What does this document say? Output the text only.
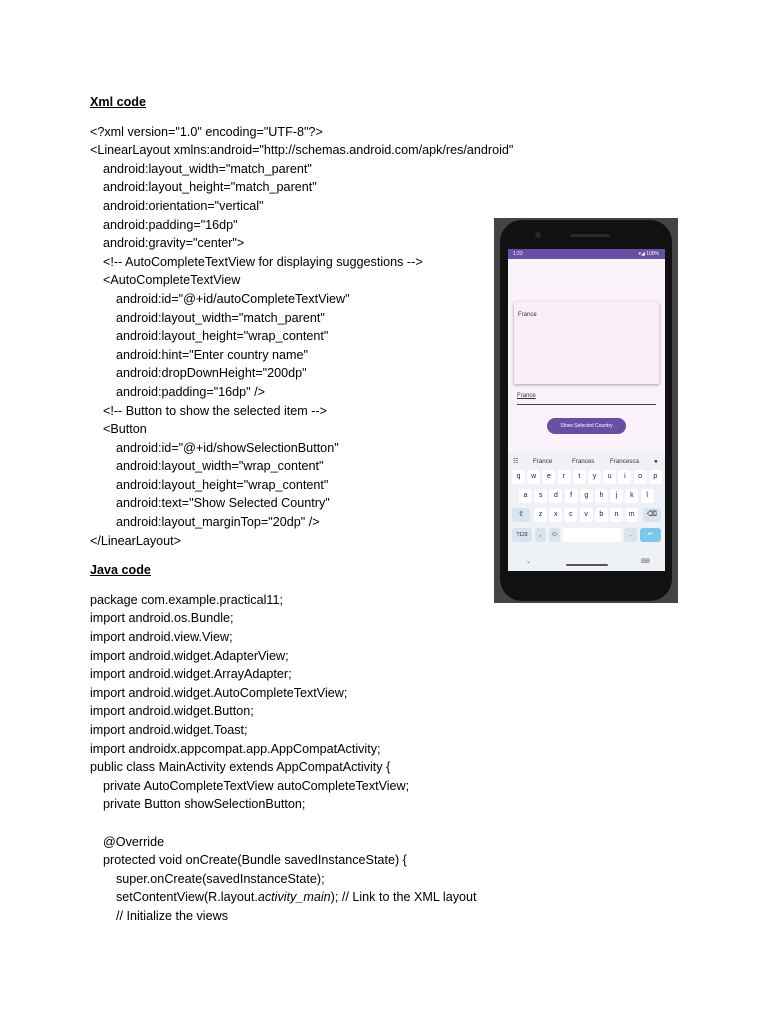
Xml code
<?xml version="1.0" encoding="UTF-8"?>
<LinearLayout xmlns:android="http://schemas.android.com/apk/res/android"
android:layout_width="match_parent"
android:layout_height="match_parent"
android:orientation="vertical"
android:padding="16dp"
android:gravity="center">
<!-- AutoCompleteTextView for displaying suggestions -->
<AutoCompleteTextView
android:id="@+id/autoCompleteTextView"
android:layout_width="match_parent"
android:layout_height="wrap_content"
android:hint="Enter country name"
android:dropDownHeight="200dp"
android:padding="16dp" />
<!-- Button to show the selected item -->
<Button
android:id="@+id/showSelectionButton"
android:layout_width="wrap_content"
android:layout_height="wrap_content"
android:text="Show Selected Country"
android:layout_marginTop="20dp" />
</LinearLayout>
Java code
package com.example.practical11;
import android.os.Bundle;
import android.view.View;
import android.widget.AdapterView;
import android.widget.ArrayAdapter;
import android.widget.AutoCompleteTextView;
import android.widget.Button;
import android.widget.Toast;
import androidx.appcompat.app.AppCompatActivity;
public class MainActivity extends AppCompatActivity {
private AutoCompleteTextView autoCompleteTextView;
private Button showSelectionButton;
@Override
protected void onCreate(Bundle savedInstanceState) {
super.onCreate(savedInstanceState);
setContentView(R.layout.activity_main); // Link to the XML layout
// Initialize the views
1:22	▾◢ 100%
France
France
Show Selected Country
☷ France	Frances	Francesca ●
q	w	e	r	t	y	u	i	o	p
a	s	d	f	g	h	j	k	l
⇧	⌫
z	x	c	v	b	n	m
?123	,	☺	.	↵
⌄	⌨
